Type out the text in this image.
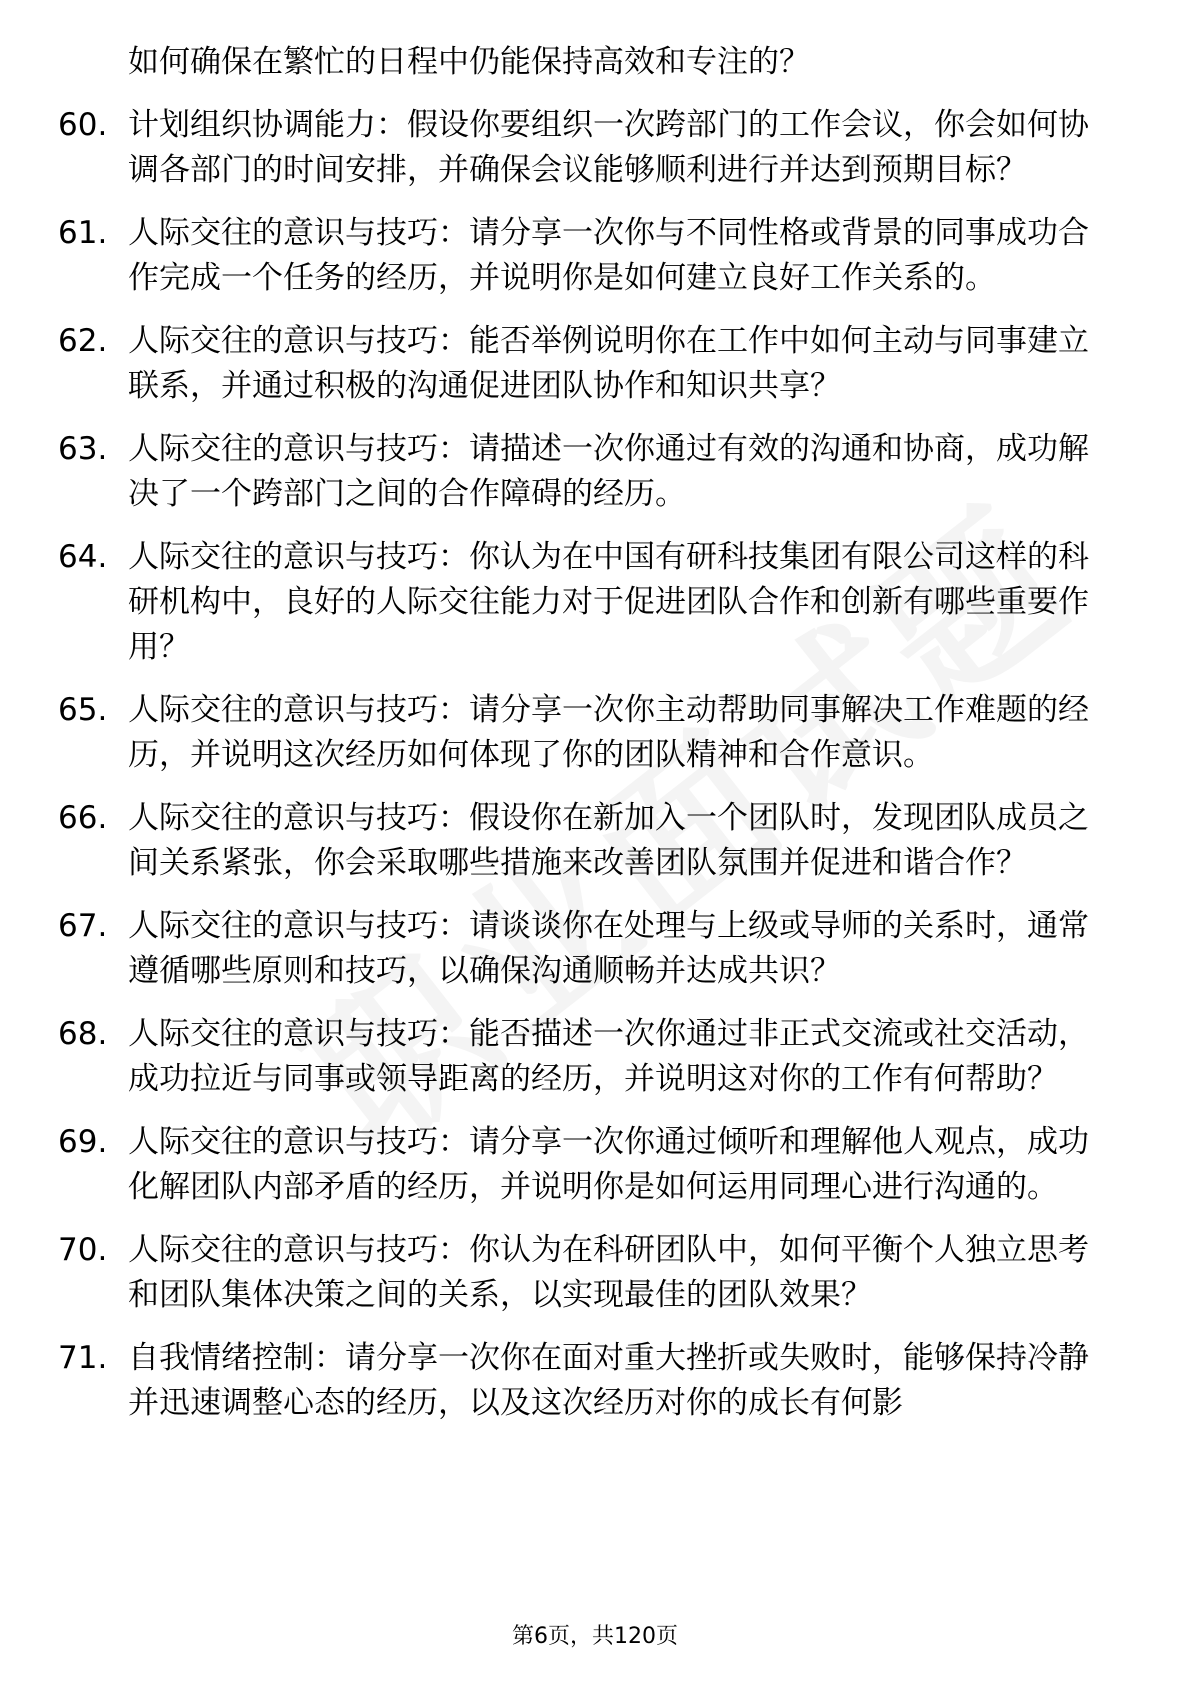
如何确保在繁忙的日程中仍能保持高效和专注的？
60. 计划组织协调能力：假设你要组织一次跨部门的工作会议，你会如何协调各部门的时间安排，并确保会议能够顺利进行并达到预期目标？
61. 人际交往的意识与技巧：请分享一次你与不同性格或背景的同事成功合作完成一个任务的经历，并说明你是如何建立良好工作关系的。
62. 人际交往的意识与技巧：能否举例说明你在工作中如何主动与同事建立联系，并通过积极的沟通促进团队协作和知识共享？
63. 人际交往的意识与技巧：请描述一次你通过有效的沟通和协商，成功解决了一个跨部门之间的合作障碍的经历。
64. 人际交往的意识与技巧：你认为在中国有研科技集团有限公司这样的科研机构中，良好的人际交往能力对于促进团队合作和创新有哪些重要作用？
65. 人际交往的意识与技巧：请分享一次你主动帮助同事解决工作难题的经历，并说明这次经历如何体现了你的团队精神和合作意识。
66. 人际交往的意识与技巧：假设你在新加入一个团队时，发现团队成员之间关系紧张，你会采取哪些措施来改善团队氛围并促进和谐合作？
67. 人际交往的意识与技巧：请谈谈你在处理与上级或导师的关系时，通常遵循哪些原则和技巧，以确保沟通顺畅并达成共识？
68. 人际交往的意识与技巧：能否描述一次你通过非正式交流或社交活动，成功拉近与同事或领导距离的经历，并说明这对你的工作有何帮助？
69. 人际交往的意识与技巧：请分享一次你通过倾听和理解他人观点，成功化解团队内部矛盾的经历，并说明你是如何运用同理心进行沟通的。
70. 人际交往的意识与技巧：你认为在科研团队中，如何平衡个人独立思考和团队集体决策之间的关系，以实现最佳的团队效果？
71. 自我情绪控制：请分享一次你在面对重大挫折或失败时，能够保持冷静并迅速调整心态的经历，以及这次经历对你的成长有何影
第6页，共120页
